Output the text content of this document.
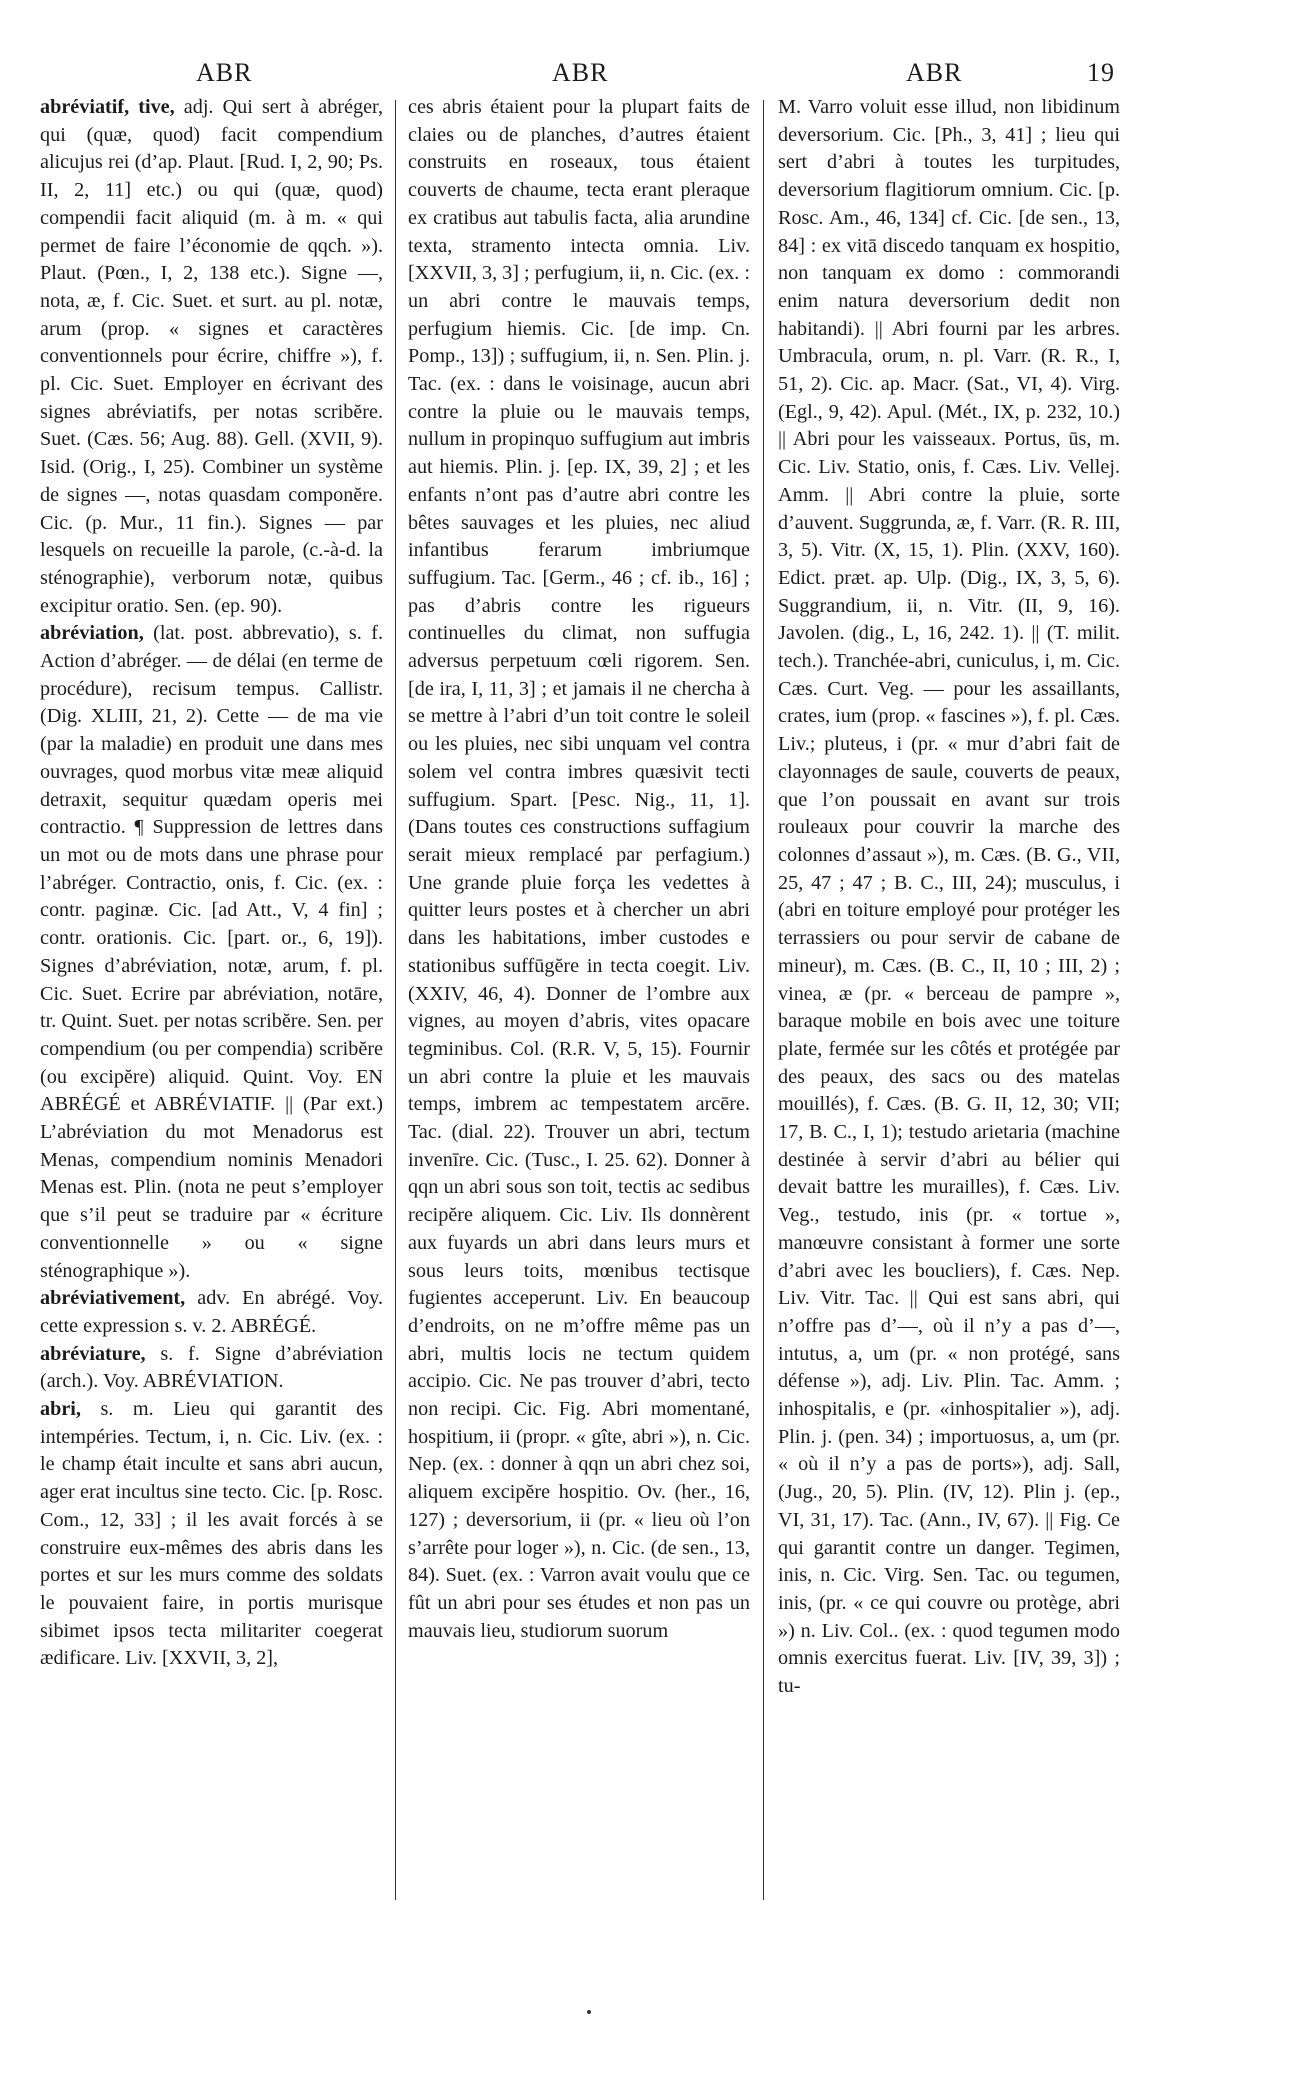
ABR	ABR	ABR	19

abréviatif, tive, adj. Qui sert à abréger, qui (quæ, quod) facit compendium alicujus rei (d’ap. Plaut. [Rud. I, 2, 90; Ps. II, 2, 11] etc.) ou qui (quæ, quod) compendii facit aliquid (m. à m. « qui permet de faire l’économie de qqch. »). Plaut. (Pœn., I, 2, 138 etc.). Signe —, nota, æ, f. Cic. Suet. et surt. au pl. notæ, arum (prop. « signes et caractères conventionnels pour écrire, chiffre »), f. pl. Cic. Suet. Employer en écrivant des signes abréviatifs, per notas scribĕre. Suet. (Cæs. 56; Aug. 88). Gell. (XVII, 9). Isid. (Orig., I, 25). Combiner un système de signes —, notas quasdam componĕre. Cic. (p. Mur., 11 fin.). Signes — par lesquels on recueille la parole, (c.-à-d. la sténographie), verborum notæ, quibus excipitur oratio. Sen. (ep. 90).

abréviation, (lat. post. abbrevatio), s. f. Action d’abréger. — de délai (en terme de procédure), recisum tempus. Callistr. (Dig. XLIII, 21, 2). Cette — de ma vie (par la maladie) en produit une dans mes ouvrages, quod morbus vitæ meæ aliquid detraxit, sequitur quædam operis mei contractio. ¶ Suppression de lettres dans un mot ou de mots dans une phrase pour l’abréger. Contractio, onis, f. Cic. (ex. : contr. paginæ. Cic. [ad Att., V, 4 fin] ; contr. orationis. Cic. [part. or., 6, 19]). Signes d’abréviation, notæ, arum, f. pl. Cic. Suet. Ecrire par abréviation, notāre, tr. Quint. Suet. per notas scribĕre. Sen. per compendium (ou per compendia) scribĕre (ou excipĕre) aliquid. Quint. Voy. EN ABRÉGÉ et ABRÉVIATIF. || (Par ext.) L’abréviation du mot Menadorus est Menas, compendium nominis Menadori Menas est. Plin. (nota ne peut s’employer que s’il peut se traduire par « écriture conventionnelle » ou « signe sténographique »).

abréviativement, adv. En abrégé. Voy. cette expression s. v. 2. ABRÉGÉ.

abréviature, s. f. Signe d’abréviation (arch.). Voy. ABRÉVIATION.

abri, s. m. Lieu qui garantit des intempéries. Tectum, i, n. Cic. Liv. (ex. : le champ était inculte et sans abri aucun, ager erat incultus sine tecto. Cic. [p. Rosc. Com., 12, 33] ; il les avait forcés à se construire eux-mêmes des abris dans les portes et sur les murs comme des soldats le pouvaient faire, in portis murisque sibimet ipsos tecta militariter coegerat ædificare. Liv. [XXVII, 3, 2],

ces abris étaient pour la plupart faits de claies ou de planches, d’autres étaient construits en roseaux, tous étaient couverts de chaume, tecta erant pleraque ex cratibus aut tabulis facta, alia arundine texta, stramento intecta omnia. Liv. [XXVII, 3, 3] ; perfugium, ii, n. Cic. (ex. : un abri contre le mauvais temps, perfugium hiemis. Cic. [de imp. Cn. Pomp., 13]) ; suffugium, ii, n. Sen. Plin. j. Tac. (ex. : dans le voisinage, aucun abri contre la pluie ou le mauvais temps, nullum in propinquo suffugium aut imbris aut hiemis. Plin. j. [ep. IX, 39, 2] ; et les enfants n’ont pas d’autre abri contre les bêtes sauvages et les pluies, nec aliud infantibus ferarum imbriumque suffugium. Tac. [Germ., 46 ; cf. ib., 16] ; pas d’abris contre les rigueurs continuelles du climat, non suffugia adversus perpetuum cœli rigorem. Sen. [de ira, I, 11, 3] ; et jamais il ne chercha à se mettre à l’abri d’un toit contre le soleil ou les pluies, nec sibi unquam vel contra solem vel contra imbres quæsivit tecti suffugium. Spart. [Pesc. Nig., 11, 1]. (Dans toutes ces constructions suffagium serait mieux remplacé par perfagium.) Une grande pluie força les vedettes à quitter leurs postes et à chercher un abri dans les habitations, imber custodes e stationibus suffūgĕre in tecta coegit. Liv. (XXIV, 46, 4). Donner de l’ombre aux vignes, au moyen d’abris, vites opacare tegminibus. Col. (R.R. V, 5, 15). Fournir un abri contre la pluie et les mauvais temps, imbrem ac tempestatem arcēre. Tac. (dial. 22). Trouver un abri, tectum invenīre. Cic. (Tusc., I. 25. 62). Donner à qqn un abri sous son toit, tectis ac sedibus recipĕre aliquem. Cic. Liv. Ils donnèrent aux fuyards un abri dans leurs murs et sous leurs toits, mœnibus tectisque fugientes acceperunt. Liv. En beaucoup d’endroits, on ne m’offre même pas un abri, multis locis ne tectum quidem accipio. Cic. Ne pas trouver d’abri, tecto non recipi. Cic. Fig. Abri momentané, hospitium, ii (propr. « gîte, abri »), n. Cic. Nep. (ex. : donner à qqn un abri chez soi, aliquem excipĕre hospitio. Ov. (her., 16, 127) ; deversorium, ii (pr. « lieu où l’on s’arrête pour loger »), n. Cic. (de sen., 13, 84). Suet. (ex. : Varron avait voulu que ce fût un abri pour ses études et non pas un mauvais lieu, studiorum suorum

M. Varro voluit esse illud, non libidinum deversorium. Cic. [Ph., 3, 41] ; lieu qui sert d’abri à toutes les turpitudes, deversorium flagitiorum omnium. Cic. [p. Rosc. Am., 46, 134] cf. Cic. [de sen., 13, 84] : ex vitā discedo tanquam ex hospitio, non tanquam ex domo : commorandi enim natura deversorium dedit non habitandi). || Abri fourni par les arbres. Umbracula, orum, n. pl. Varr. (R. R., I, 51, 2). Cic. ap. Macr. (Sat., VI, 4). Virg. (Egl., 9, 42). Apul. (Mét., IX, p. 232, 10.) || Abri pour les vaisseaux. Portus, ūs, m. Cic. Liv. Statio, onis, f. Cæs. Liv. Vellej. Amm. || Abri contre la pluie, sorte d’auvent. Suggrunda, æ, f. Varr. (R. R. III, 3, 5). Vitr. (X, 15, 1). Plin. (XXV, 160). Edict. præt. ap. Ulp. (Dig., IX, 3, 5, 6). Suggrandium, ii, n. Vitr. (II, 9, 16). Javolen. (dig., L, 16, 242. 1). || (T. milit. tech.). Tranchée-abri, cuniculus, i, m. Cic. Cæs. Curt. Veg. — pour les assaillants, crates, ium (prop. « fascines »), f. pl. Cæs. Liv.; pluteus, i (pr. « mur d’abri fait de clayonnages de saule, couverts de peaux, que l’on poussait en avant sur trois rouleaux pour couvrir la marche des colonnes d’assaut »), m. Cæs. (B. G., VII, 25, 47 ; 47 ; B. C., III, 24); musculus, i (abri en toiture employé pour protéger les terrassiers ou pour servir de cabane de mineur), m. Cæs. (B. C., II, 10 ; III, 2) ; vinea, æ (pr. « berceau de pampre », baraque mobile en bois avec une toiture plate, fermée sur les côtés et protégée par des peaux, des sacs ou des matelas mouillés), f. Cæs. (B. G. II, 12, 30; VII; 17, B. C., I, 1); testudo arietaria (machine destinée à servir d’abri au bélier qui devait battre les murailles), f. Cæs. Liv. Veg., testudo, inis (pr. « tortue », manœuvre consistant à former une sorte d’abri avec les boucliers), f. Cæs. Nep. Liv. Vitr. Tac. || Qui est sans abri, qui n’offre pas d’—, où il n’y a pas d’—, intutus, a, um (pr. « non protégé, sans défense »), adj. Liv. Plin. Tac. Amm. ; inhospitalis, e (pr. «inhospitalier »), adj. Plin. j. (pen. 34) ; importuosus, a, um (pr. « où il n’y a pas de ports»), adj. Sall, (Jug., 20, 5). Plin. (IV, 12). Plin j. (ep., VI, 31, 17). Tac. (Ann., IV, 67). || Fig. Ce qui garantit contre un danger. Tegimen, inis, n. Cic. Virg. Sen. Tac. ou tegumen, inis, (pr. « ce qui couvre ou protège, abri ») n. Liv. Col.. (ex. : quod tegumen modo omnis exercitus fuerat. Liv. [IV, 39, 3]) ; tu-
